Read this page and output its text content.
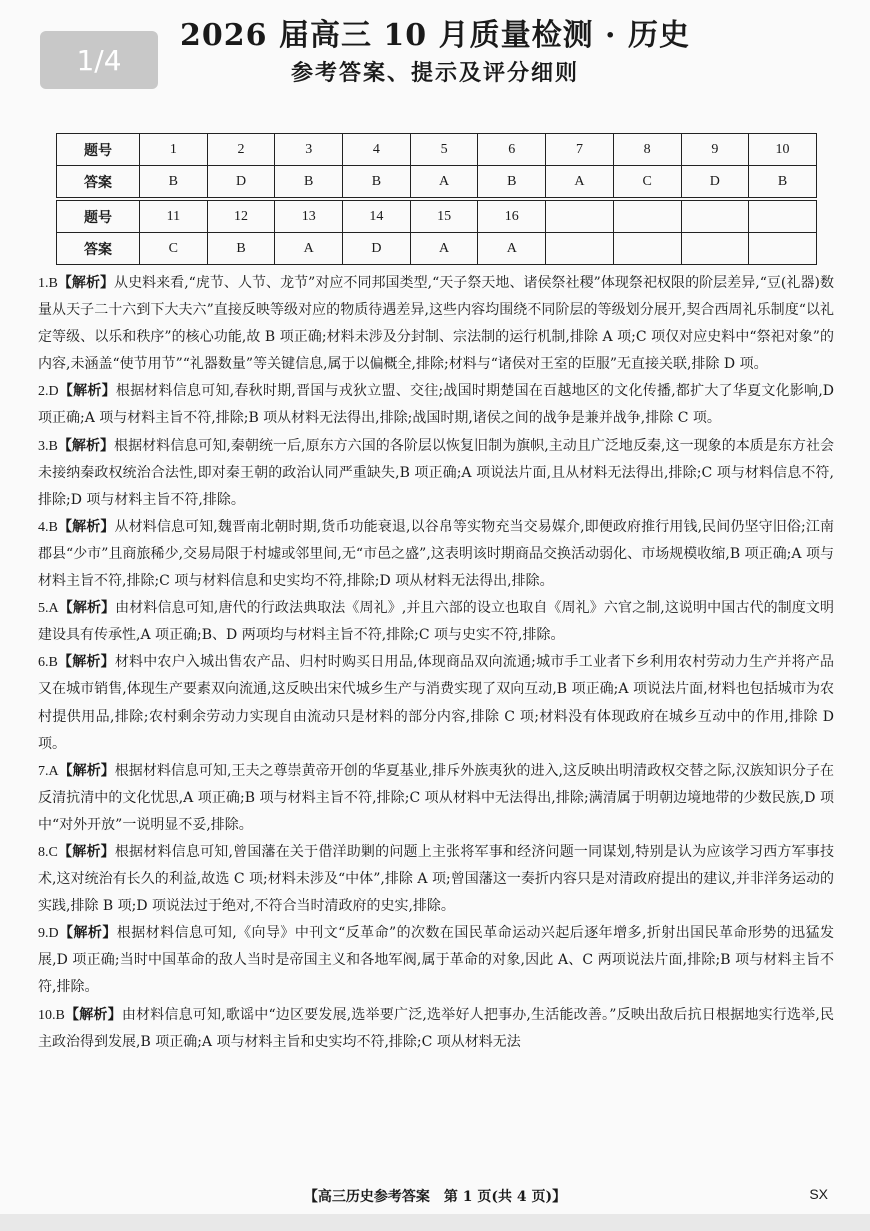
1/4
2026 届高三 10 月质量检测 · 历史
参考答案、提示及评分细则
题号	1	2	3	4	5	6	7	8	9	10
答案	B	D	B	B	A	B	A	C	D	B
题号	11	12	13	14	15	16				
答案	C	B	A	D	A	A				

1.B【解析】从史料来看,“虎节、人节、龙节”对应不同邦国类型,“天子祭天地、诸侯祭社稷”体现祭祀权限的阶层差异,“豆(礼器)数量从天子二十六到下大夫六”直接反映等级对应的物质待遇差异,这些内容均围绕不同阶层的等级划分展开,契合西周礼乐制度“以礼定等级、以乐和秩序”的核心功能,故 B 项正确;材料未涉及分封制、宗法制的运行机制,排除 A 项;C 项仅对应史料中“祭祀对象”的内容,未涵盖“使节用节”“礼器数量”等关键信息,属于以偏概全,排除;材料与“诸侯对王室的臣服”无直接关联,排除 D 项。

2.D【解析】根据材料信息可知,春秋时期,晋国与戎狄立盟、交往;战国时期楚国在百越地区的文化传播,都扩大了华夏文化影响,D 项正确;A 项与材料主旨不符,排除;B 项从材料无法得出,排除;战国时期,诸侯之间的战争是兼并战争,排除 C 项。

3.B【解析】根据材料信息可知,秦朝统一后,原东方六国的各阶层以恢复旧制为旗帜,主动且广泛地反秦,这一现象的本质是东方社会未接纳秦政权统治合法性,即对秦王朝的政治认同严重缺失,B 项正确;A 项说法片面,且从材料无法得出,排除;C 项与材料信息不符,排除;D 项与材料主旨不符,排除。

4.B【解析】从材料信息可知,魏晋南北朝时期,货币功能衰退,以谷帛等实物充当交易媒介,即便政府推行用钱,民间仍坚守旧俗;江南郡县“少市”且商旅稀少,交易局限于村墟或邻里间,无“市邑之盛”,这表明该时期商品交换活动弱化、市场规模收缩,B 项正确;A 项与材料主旨不符,排除;C 项与材料信息和史实均不符,排除;D 项从材料无法得出,排除。

5.A【解析】由材料信息可知,唐代的行政法典取法《周礼》,并且六部的设立也取自《周礼》六官之制,这说明中国古代的制度文明建设具有传承性,A 项正确;B、D 两项均与材料主旨不符,排除;C 项与史实不符,排除。

6.B【解析】材料中农户入城出售农产品、归村时购买日用品,体现商品双向流通;城市手工业者下乡利用农村劳动力生产并将产品又在城市销售,体现生产要素双向流通,这反映出宋代城乡生产与消费实现了双向互动,B 项正确;A 项说法片面,材料也包括城市为农村提供用品,排除;农村剩余劳动力实现自由流动只是材料的部分内容,排除 C 项;材料没有体现政府在城乡互动中的作用,排除 D 项。

7.A【解析】根据材料信息可知,王夫之尊崇黄帝开创的华夏基业,排斥外族夷狄的进入,这反映出明清政权交替之际,汉族知识分子在反清抗清中的文化忧思,A 项正确;B 项与材料主旨不符,排除;C 项从材料中无法得出,排除;满清属于明朝边境地带的少数民族,D 项中“对外开放”一说明显不妥,排除。

8.C【解析】根据材料信息可知,曾国藩在关于借洋助剿的问题上主张将军事和经济问题一同谋划,特别是认为应该学习西方军事技术,这对统治有长久的利益,故选 C 项;材料未涉及“中体”,排除 A 项;曾国藩这一奏折内容只是对清政府提出的建议,并非洋务运动的实践,排除 B 项;D 项说法过于绝对,不符合当时清政府的史实,排除。

9.D【解析】根据材料信息可知,《向导》中刊文“反革命”的次数在国民革命运动兴起后逐年增多,折射出国民革命形势的迅猛发展,D 项正确;当时中国革命的敌人当时是帝国主义和各地军阀,属于革命的对象,因此 A、C 两项说法片面,排除;B 项与材料主旨不符,排除。

10.B【解析】由材料信息可知,歌谣中“边区要发展,选举要广泛,选举好人把事办,生活能改善。”反映出敌后抗日根据地实行选举,民主政治得到发展,B 项正确;A 项与材料主旨和史实均不符,排除;C 项从材料无法

【高三历史参考答案　第 1 页(共 4 页)】	SX
